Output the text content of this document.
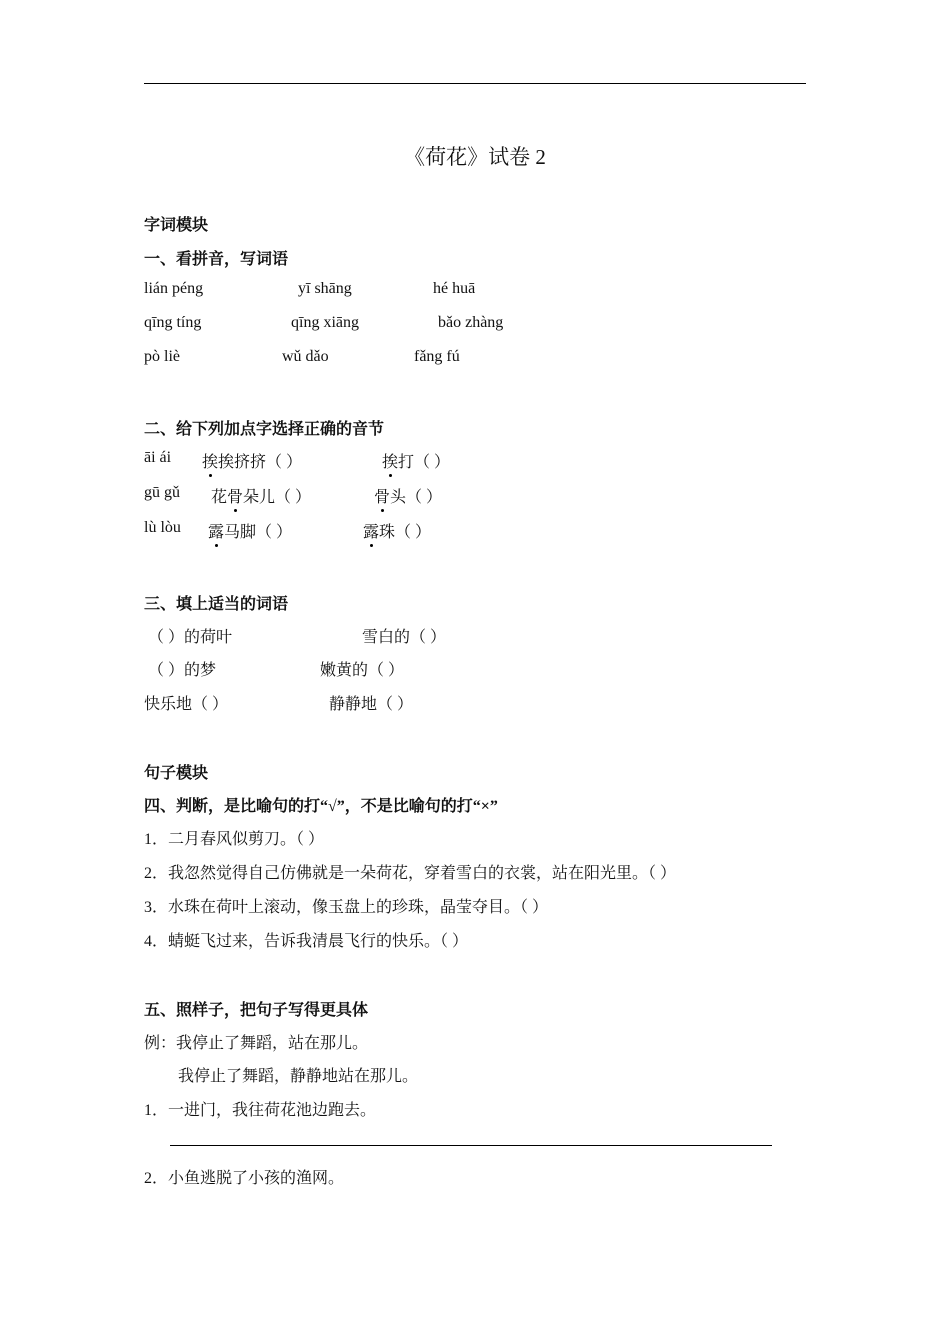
《荷花》试卷 2
字词模块
一、看拼音，写词语
lián péng	yī shāng	hé huā
qīng tíng	qīng xiāng	bǎo zhàng
pò liè	wǔ dǎo	fǎng fú
二、给下列加点字选择正确的音节
āi ái 挨挨挤挤（ ）	挨打（ ）
gū gǔ 花骨朵儿（ ）	骨头（ ）
lù lòu 露马脚（ ）	露珠（ ）
三、填上适当的词语
（ ）的荷叶	雪白的（ ）
（ ）的梦	嫩黄的（ ）
快乐地（ ）	静静地（ ）
句子模块
四、判断，是比喻句的打“√”，不是比喻句的打“×”
1．二月春风似剪刀。（ ）
2．我忽然觉得自己仿佛就是一朵荷花，穿着雪白的衣裳，站在阳光里。（ ）
3．水珠在荷叶上滚动，像玉盘上的珍珠，晶莹夺目。（ ）
4．蜻蜓飞过来，告诉我清晨飞行的快乐。（ ）
五、照样子，把句子写得更具体
例：我停止了舞蹈，站在那儿。
我停止了舞蹈，静静地站在那儿。
1．一进门，我往荷花池边跑去。
2．小鱼逃脱了小孩的渔网。
